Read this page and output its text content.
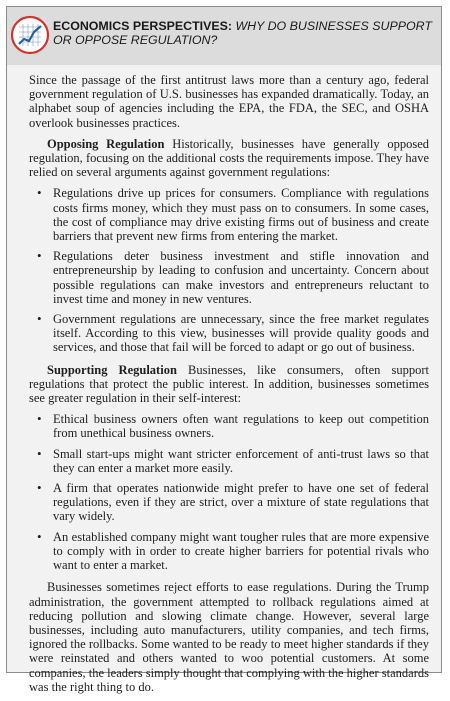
ECONOMICS PERSPECTIVES: WHY DO BUSINESSES SUPPORT OR OPPOSE REGULATION?

Since the passage of the first antitrust laws more than a century ago, federal government regulation of U.S. businesses has expanded dramatically. Today, an alphabet soup of agencies including the EPA, the FDA, the SEC, and OSHA overlook businesses practices.

Opposing Regulation Historically, businesses have generally opposed regulation, focusing on the additional costs the requirements impose. They have relied on several arguments against government regulations:

• Regulations drive up prices for consumers. Compliance with regulations costs firms money, which they must pass on to consumers. In some cases, the cost of compliance may drive existing firms out of business and create barriers that prevent new firms from entering the market.
• Regulations deter business investment and stifle innovation and entrepreneurship by leading to confusion and uncertainty. Concern about possible regulations can make investors and entrepreneurs reluctant to invest time and money in new ventures.
• Government regulations are unnecessary, since the free market regulates itself. According to this view, businesses will provide quality goods and services, and those that fail will be forced to adapt or go out of business.

Supporting Regulation Businesses, like consumers, often support regulations that protect the public interest. In addition, businesses sometimes see greater regulation in their self-interest:

• Ethical business owners often want regulations to keep out competition from unethical business owners.
• Small start-ups might want stricter enforcement of anti-trust laws so that they can enter a market more easily.
• A firm that operates nationwide might prefer to have one set of federal regulations, even if they are strict, over a mixture of state regulations that vary widely.
• An established company might want tougher rules that are more expensive to comply with in order to create higher barriers for potential rivals who want to enter a market.

Businesses sometimes reject efforts to ease regulations. During the Trump administration, the government attempted to rollback regulations aimed at reducing pollution and slowing climate change. However, several large businesses, including auto manufacturers, utility companies, and tech firms, ignored the rollbacks. Some wanted to be ready to meet higher standards if they were reinstated and others wanted to woo potential customers. At some companies, the leaders simply thought that complying with the higher standards was the right thing to do.
